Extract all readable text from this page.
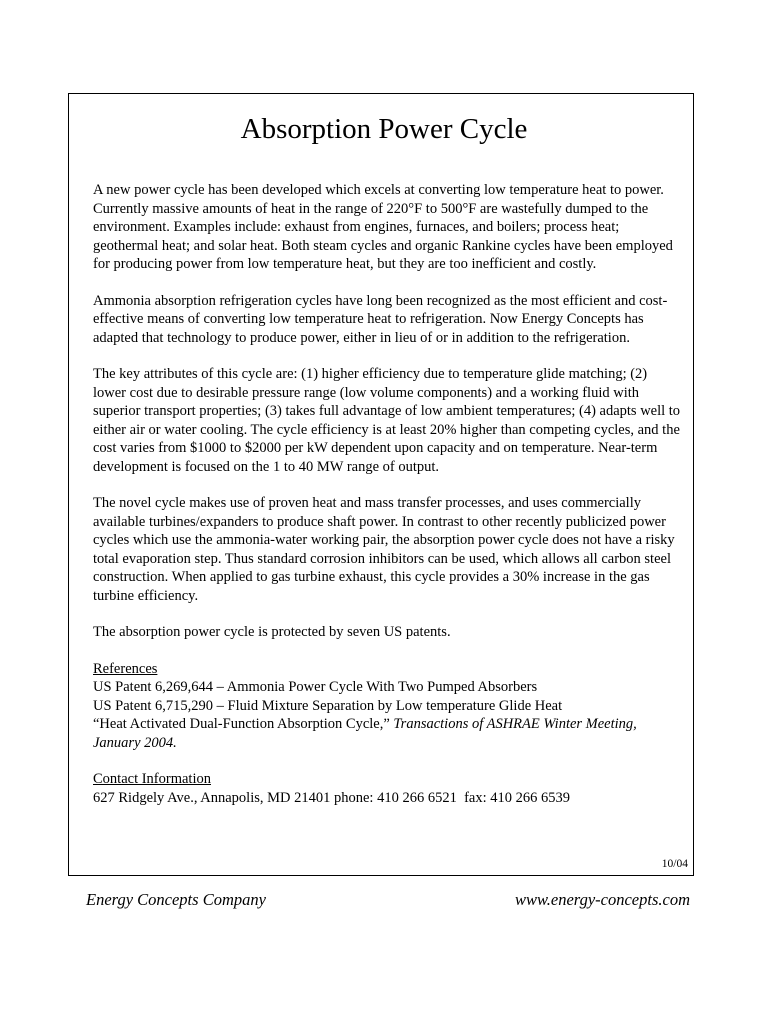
Absorption Power Cycle

A new power cycle has been developed which excels at converting low temperature heat to power. Currently massive amounts of heat in the range of 220°F to 500°F are wastefully dumped to the environment. Examples include: exhaust from engines, furnaces, and boilers; process heat; geothermal heat; and solar heat. Both steam cycles and organic Rankine cycles have been employed for producing power from low temperature heat, but they are too inefficient and costly.

Ammonia absorption refrigeration cycles have long been recognized as the most efficient and cost-effective means of converting low temperature heat to refrigeration. Now Energy Concepts has adapted that technology to produce power, either in lieu of or in addition to the refrigeration.

The key attributes of this cycle are: (1) higher efficiency due to temperature glide matching; (2) lower cost due to desirable pressure range (low volume components) and a working fluid with superior transport properties; (3) takes full advantage of low ambient temperatures; (4) adapts well to either air or water cooling. The cycle efficiency is at least 20% higher than competing cycles, and the cost varies from $1000 to $2000 per kW dependent upon capacity and on temperature. Near-term development is focused on the 1 to 40 MW range of output.

The novel cycle makes use of proven heat and mass transfer processes, and uses commercially available turbines/expanders to produce shaft power. In contrast to other recently publicized power cycles which use the ammonia-water working pair, the absorption power cycle does not have a risky total evaporation step. Thus standard corrosion inhibitors can be used, which allows all carbon steel construction. When applied to gas turbine exhaust, this cycle provides a 30% increase in the gas turbine efficiency.

The absorption power cycle is protected by seven US patents.

References
US Patent 6,269,644 – Ammonia Power Cycle With Two Pumped Absorbers
US Patent 6,715,290 – Fluid Mixture Separation by Low temperature Glide Heat
“Heat Activated Dual-Function Absorption Cycle,” Transactions of ASHRAE Winter Meeting, January 2004.
Contact Information
627 Ridgely Ave., Annapolis, MD 21401 phone: 410 266 6521  fax: 410 266 6539
10/04
Energy Concepts Company	www.energy-concepts.com
